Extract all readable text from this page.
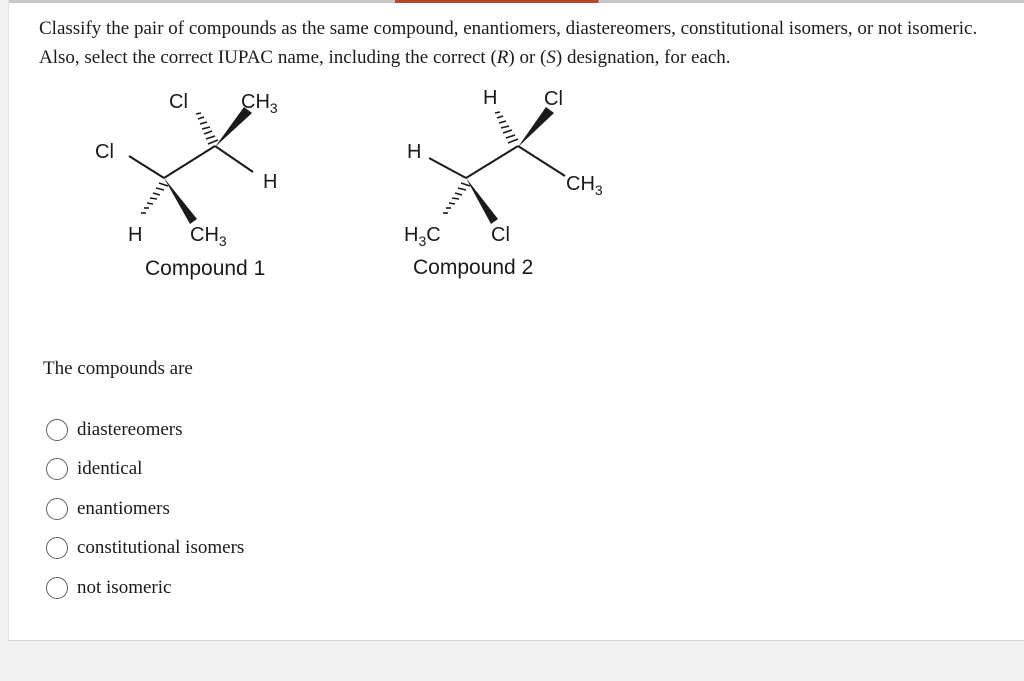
Classify the pair of compounds as the same compound, enantiomers, diastereomers, constitutional isomers, or not isomeric.
Also, select the correct IUPAC name, including the correct (R) or (S) designation, for each.
Cl	$CH_3$
Cl
H
H $CH_3$
H Cl
H
$CH_3$
$H_3C$	Cl
Compound 1	Compound 2
The compounds are
diastereomers
identical
enantiomers
constitutional isomers
not isomeric
